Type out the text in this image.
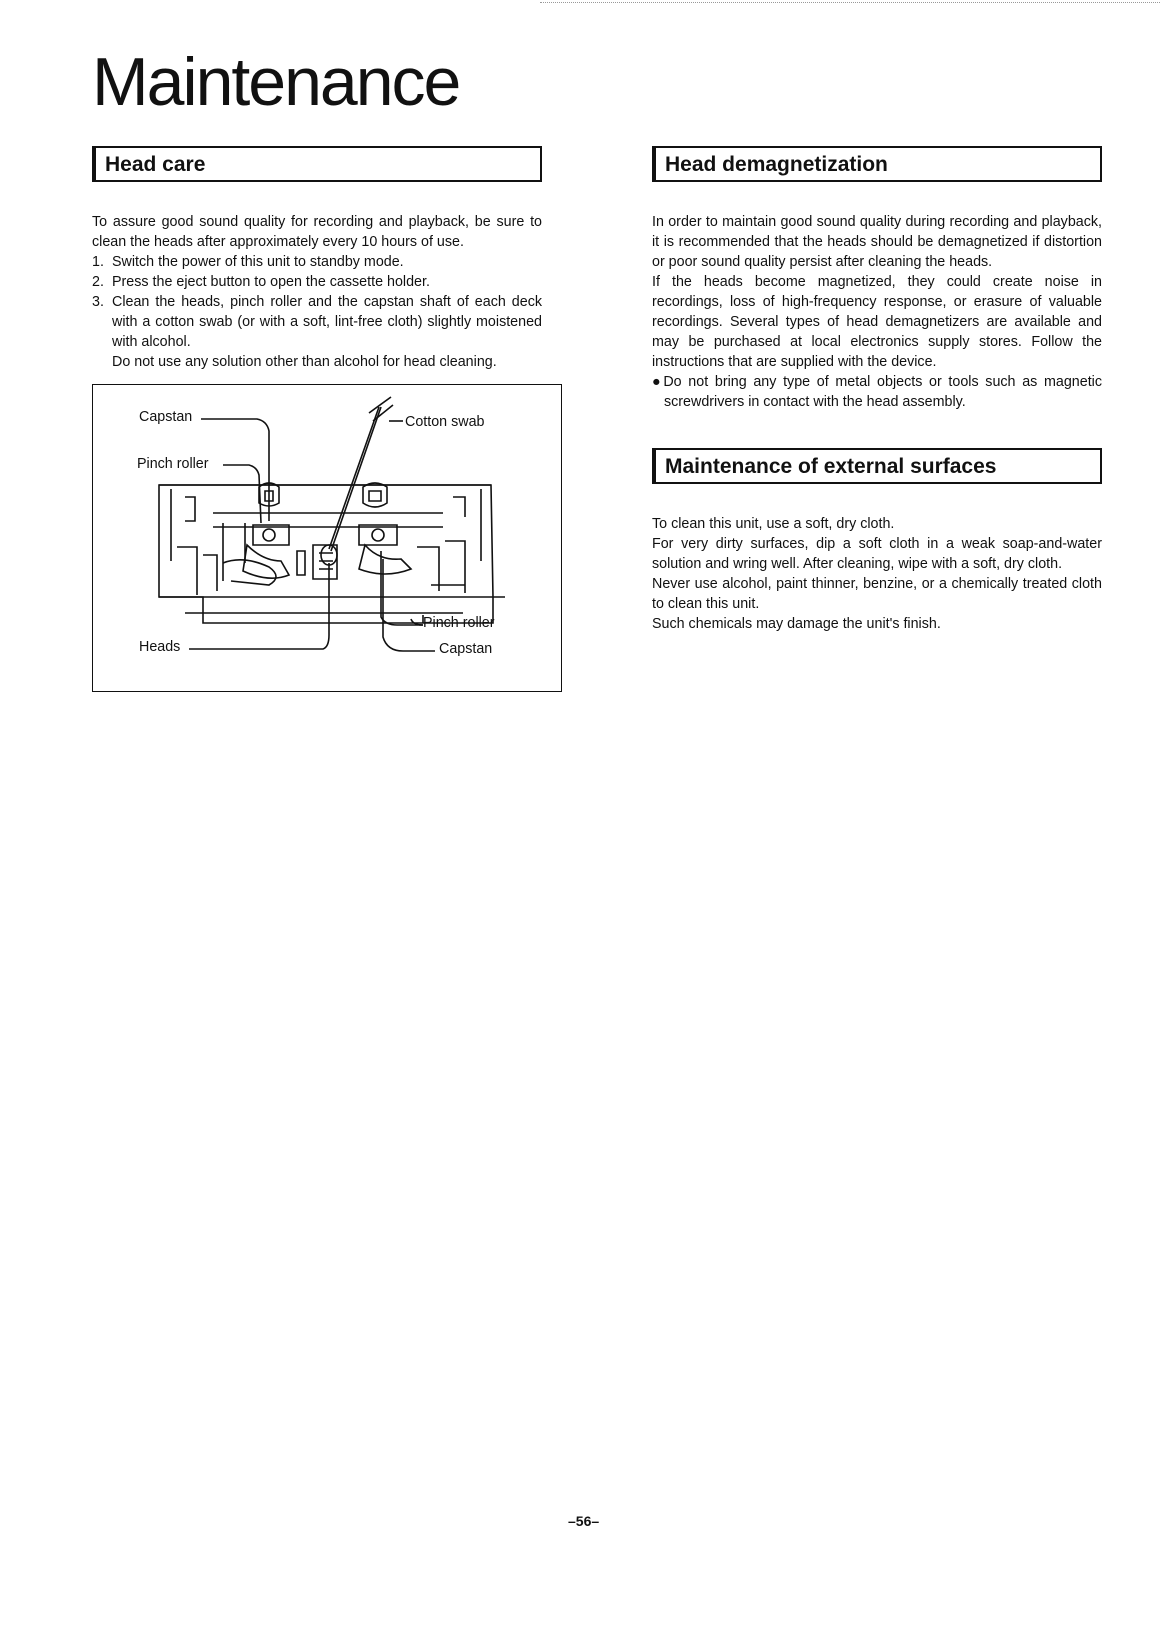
Maintenance
Head care

To assure good sound quality for recording and playback, be sure to clean the heads after approximately every 10 hours of use.

1. Switch the power of this unit to standby mode.
2. Press the eject button to open the cassette holder.
3. Clean the heads, pinch roller and the capstan shaft of each deck with a cotton swab (or with a soft, lint-free cloth) slightly moistened with alcohol.

Do not use any solution other than alcohol for head cleaning.

Capstan
Pinch roller
Cotton swab
Pinch roller
Heads	Capstan
Head demagnetization

In order to maintain good sound quality during recording and playback, it is recommended that the heads should be demagnetized if distortion or poor sound quality persist after cleaning the heads.

If the heads become magnetized, they could create noise in recordings, loss of high-frequency response, or erasure of valuable recordings. Several types of head demagnetizers are available and may be purchased at local electronics supply stores. Follow the instructions that are supplied with the device.

●Do not bring any type of metal objects or tools such as magnetic screwdrivers in contact with the head assembly.

Maintenance of external surfaces

To clean this unit, use a soft, dry cloth.

For very dirty surfaces, dip a soft cloth in a weak soap-and-water solution and wring well. After cleaning, wipe with a soft, dry cloth.

Never use alcohol, paint thinner, benzine, or a chemically treated cloth to clean this unit.

Such chemicals may damage the unit's finish.

–56–
